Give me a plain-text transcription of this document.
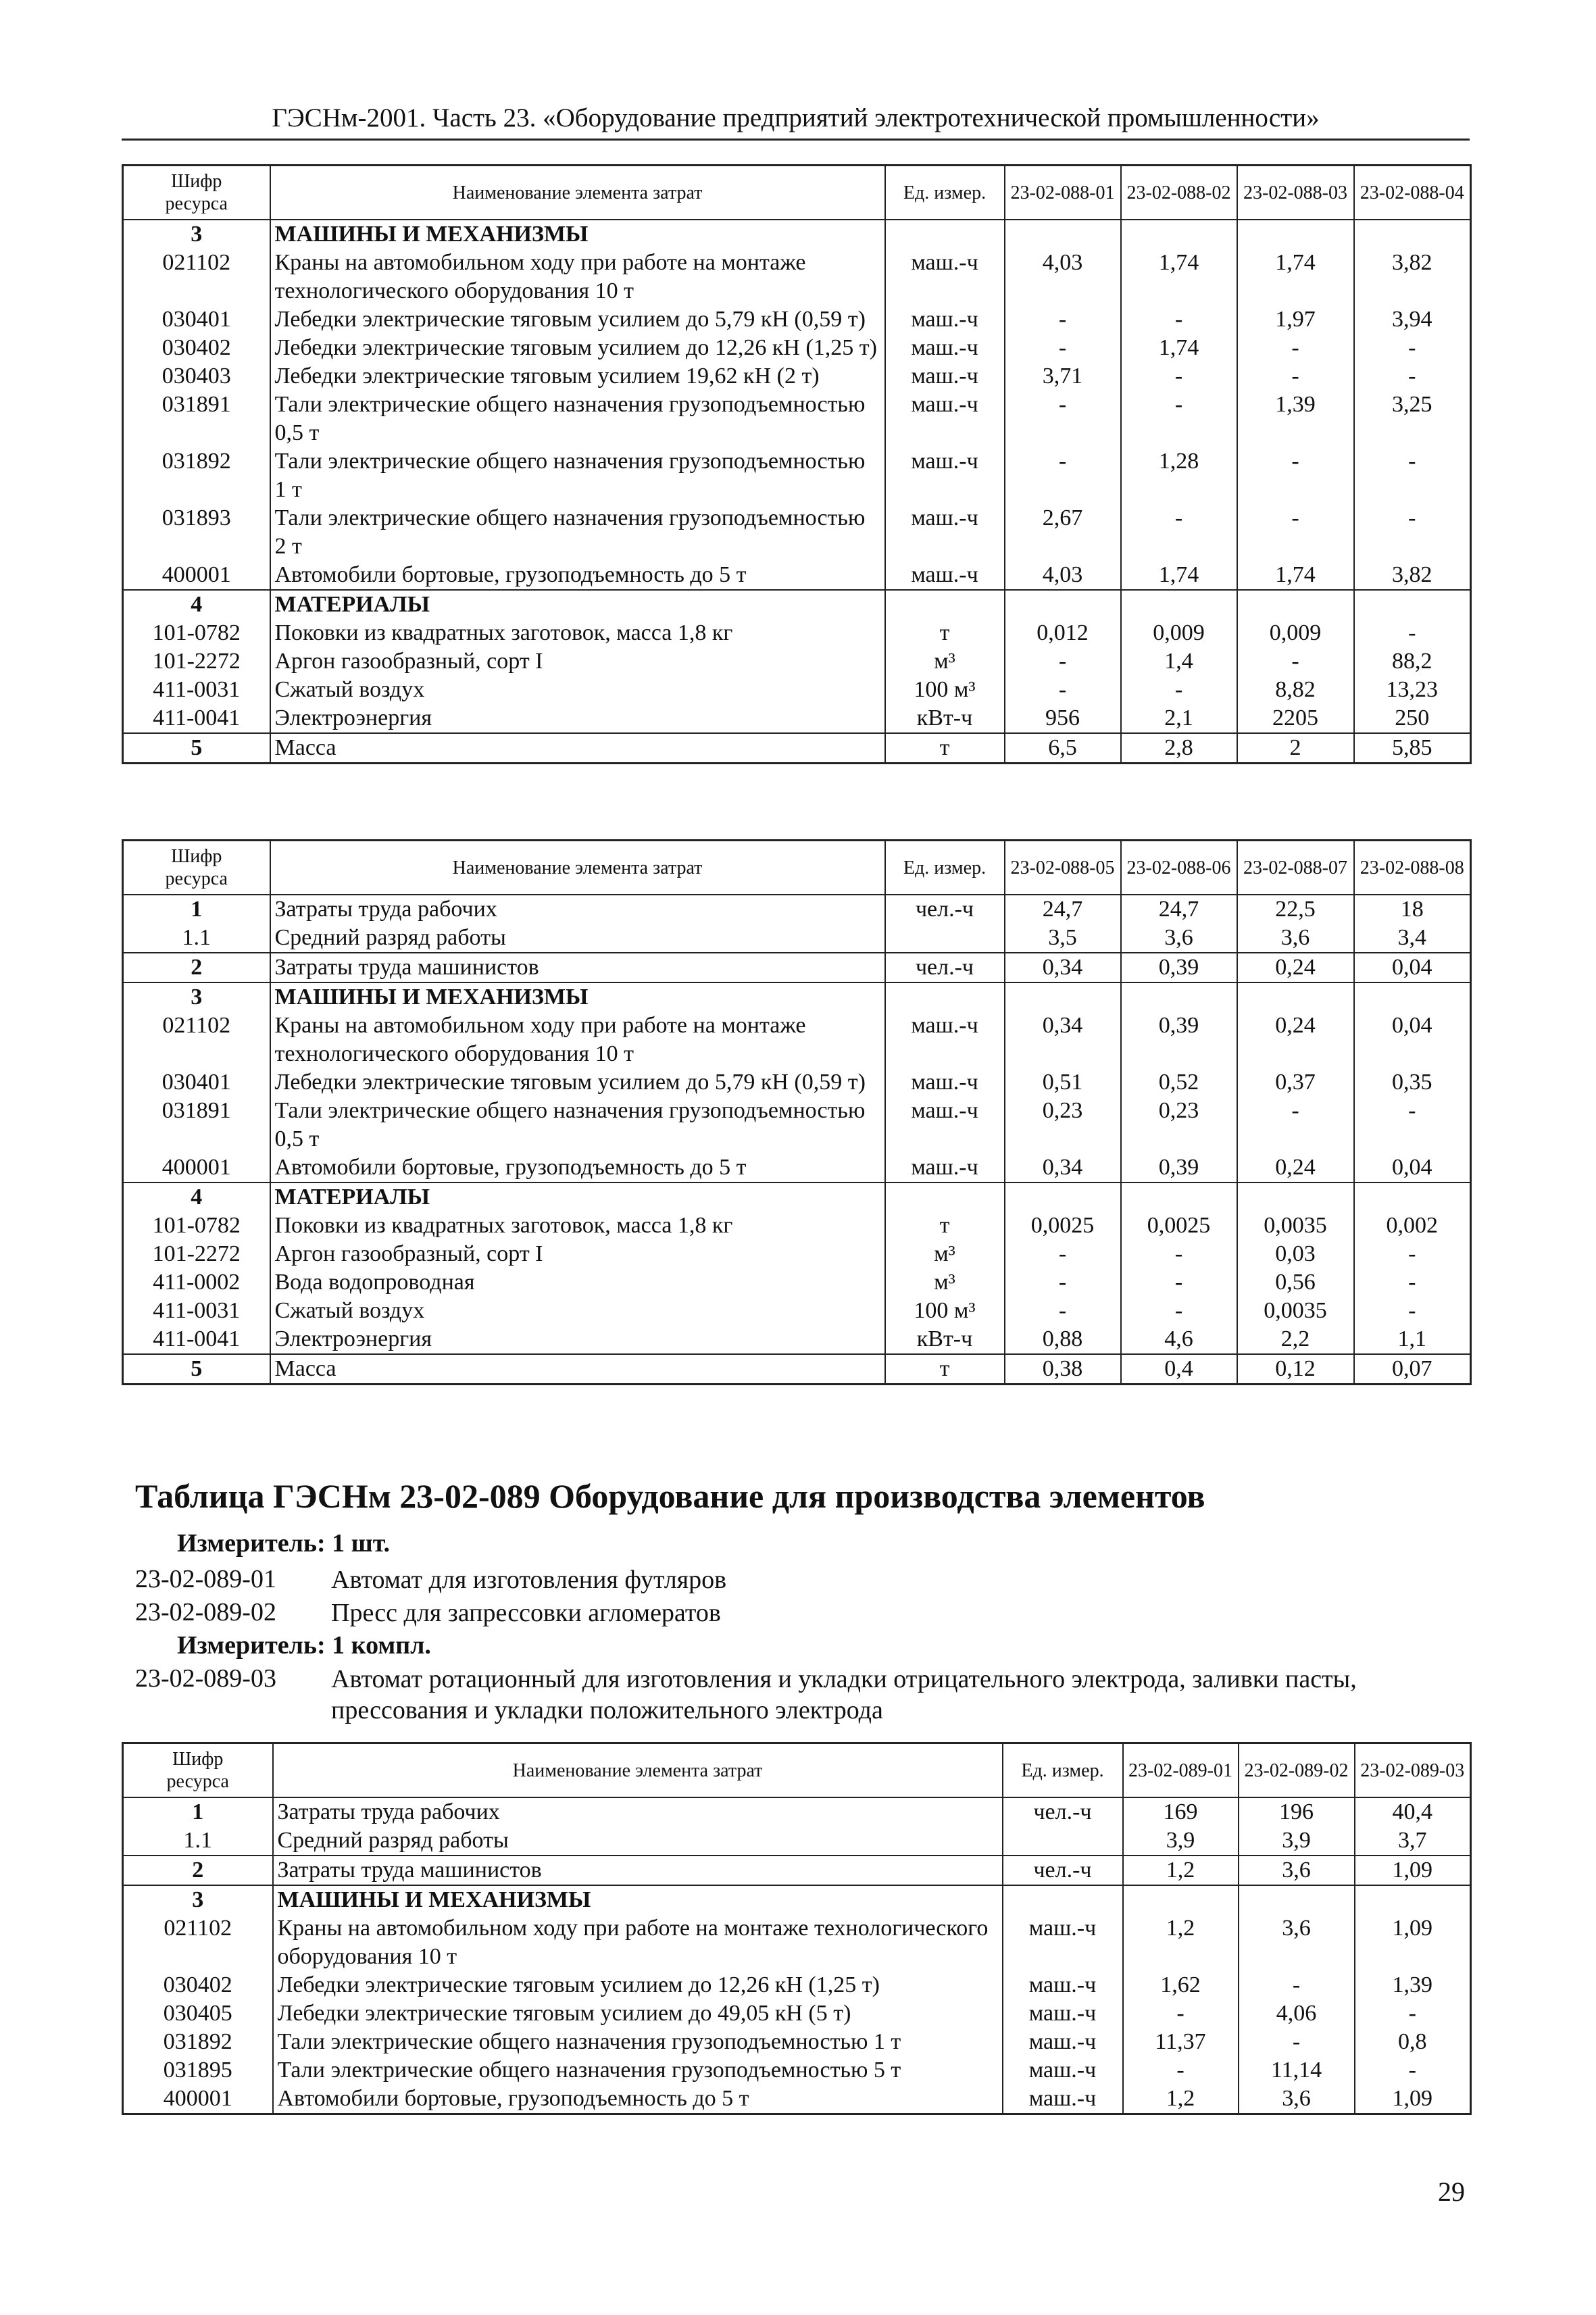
ГЭСНм-2001. Часть 23. «Оборудование предприятий электротехнической промышленности»
Шифр
ресурса	Наименование элемента затрат	Ед. измер.	23-02-088-01	23-02-088-02	23-02-088-03	23-02-088-04
3	МАШИНЫ И МЕХАНИЗМЫ					
021102	Краны на автомобильном ходу при работе на монтаже технологического оборудования 10 т	маш.-ч	4,03	1,74	1,74	3,82
030401	Лебедки электрические тяговым усилием до 5,79 кН (0,59 т)	маш.-ч	-	-	1,97	3,94
030402	Лебедки электрические тяговым усилием до 12,26 кН (1,25 т)	маш.-ч	-	1,74	-	-
030403	Лебедки электрические тяговым усилием 19,62 кН (2 т)	маш.-ч	3,71	-	-	-
031891	Тали электрические общего назначения грузоподъемностью 0,5 т	маш.-ч	-	-	1,39	3,25
031892	Тали электрические общего назначения грузоподъемностью 1 т	маш.-ч	-	1,28	-	-
031893	Тали электрические общего назначения грузоподъемностью 2 т	маш.-ч	2,67	-	-	-
400001	Автомобили бортовые, грузоподъемность до 5 т	маш.-ч	4,03	1,74	1,74	3,82
4	МАТЕРИАЛЫ					
101-0782	Поковки из квадратных заготовок, масса 1,8 кг	т	0,012	0,009	0,009	-
101-2272	Аргон газообразный, сорт I	м³	-	1,4	-	88,2
411-0031	Сжатый воздух	100 м³	-	-	8,82	13,23
411-0041	Электроэнергия	кВт-ч	956	2,1	2205	250
5	Масса	т	6,5	2,8	2	5,85
Шифр
ресурса	Наименование элемента затрат	Ед. измер.	23-02-088-05	23-02-088-06	23-02-088-07	23-02-088-08
1	Затраты труда рабочих	чел.-ч	24,7	24,7	22,5	18
1.1	Средний разряд работы		3,5	3,6	3,6	3,4
2	Затраты труда машинистов	чел.-ч	0,34	0,39	0,24	0,04
3	МАШИНЫ И МЕХАНИЗМЫ					
021102	Краны на автомобильном ходу при работе на монтаже технологического оборудования 10 т	маш.-ч	0,34	0,39	0,24	0,04
030401	Лебедки электрические тяговым усилием до 5,79 кН (0,59 т)	маш.-ч	0,51	0,52	0,37	0,35
031891	Тали электрические общего назначения грузоподъемностью 0,5 т	маш.-ч	0,23	0,23	-	-
400001	Автомобили бортовые, грузоподъемность до 5 т	маш.-ч	0,34	0,39	0,24	0,04
4	МАТЕРИАЛЫ					
101-0782	Поковки из квадратных заготовок, масса 1,8 кг	т	0,0025	0,0025	0,0035	0,002
101-2272	Аргон газообразный, сорт I	м³	-	-	0,03	-
411-0002	Вода водопроводная	м³	-	-	0,56	-
411-0031	Сжатый воздух	100 м³	-	-	0,0035	-
411-0041	Электроэнергия	кВт-ч	0,88	4,6	2,2	1,1
5	Масса	т	0,38	0,4	0,12	0,07
Таблица ГЭСНм 23-02-089 Оборудование для производства элементов
Измеритель: 1 шт.
23-02-089-01 Автомат для изготовления футляров
23-02-089-02 Пресс для запрессовки агломератов
Измеритель: 1 компл.
23-02-089-03 Автомат ротационный для изготовления и укладки отрицательного электрода, заливки пасты, прессования и укладки положительного электрода
Шифр
ресурса	Наименование элемента затрат	Ед. измер.	23-02-089-01	23-02-089-02	23-02-089-03
1	Затраты труда рабочих	чел.-ч	169	196	40,4
1.1	Средний разряд работы		3,9	3,9	3,7
2	Затраты труда машинистов	чел.-ч	1,2	3,6	1,09
3	МАШИНЫ И МЕХАНИЗМЫ				
021102	Краны на автомобильном ходу при работе на монтаже технологического оборудования 10 т	маш.-ч	1,2	3,6	1,09
030402	Лебедки электрические тяговым усилием до 12,26 кН (1,25 т)	маш.-ч	1,62	-	1,39
030405	Лебедки электрические тяговым усилием до 49,05 кН (5 т)	маш.-ч	-	4,06	-
031892	Тали электрические общего назначения грузоподъемностью 1 т	маш.-ч	11,37	-	0,8
031895	Тали электрические общего назначения грузоподъемностью 5 т	маш.-ч	-	11,14	-
400001	Автомобили бортовые, грузоподъемность до 5 т	маш.-ч	1,2	3,6	1,09
29
